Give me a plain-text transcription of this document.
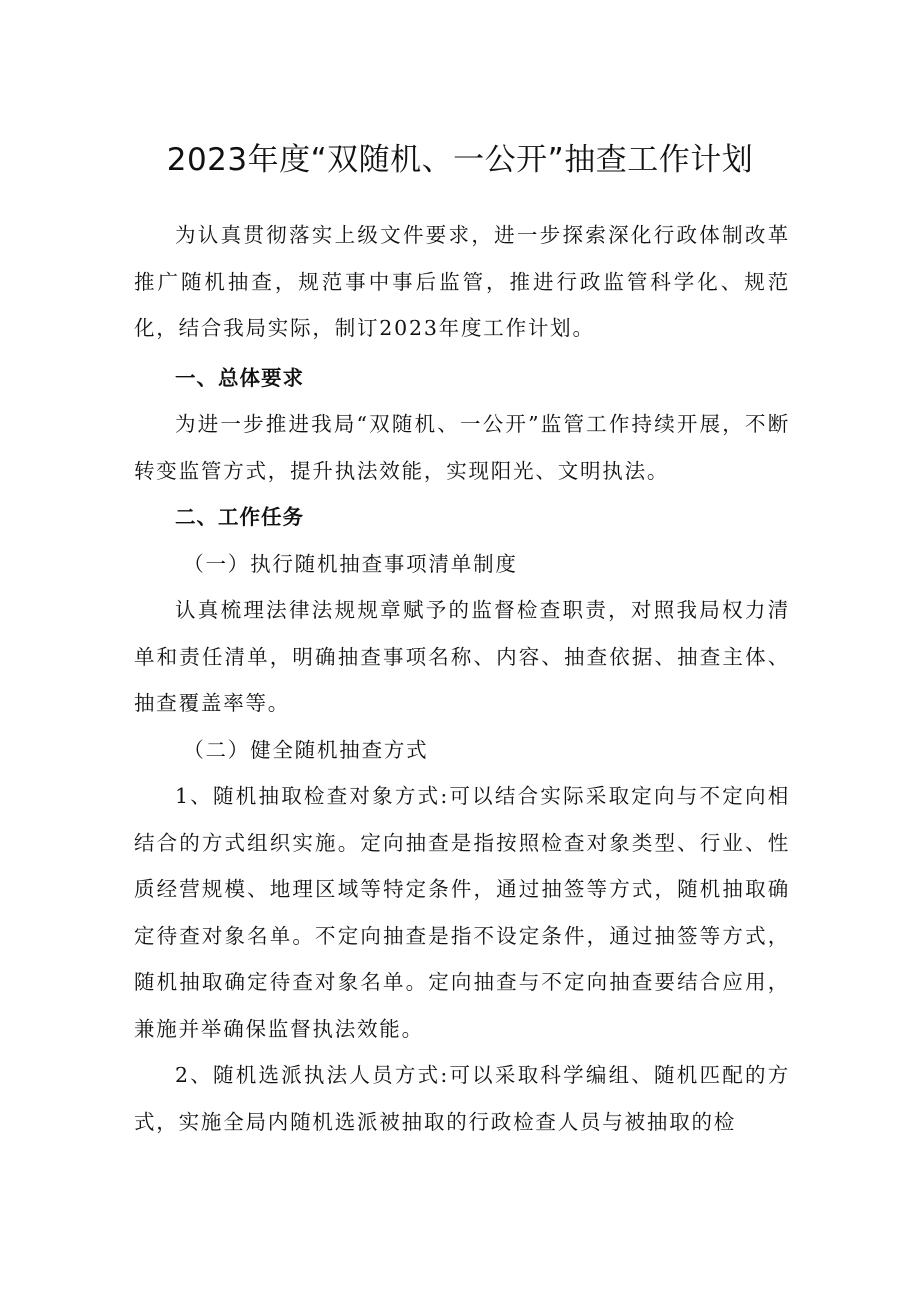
2023年度“双随机、一公开”抽查工作计划

为认真贯彻落实上级文件要求，进一步探索深化行政体制改革推广随机抽查，规范事中事后监管，推进行政监管科学化、规范化，结合我局实际，制订2023年度工作计划。

一、总体要求

为进一步推进我局“双随机、一公开”监管工作持续开展，不断转变监管方式，提升执法效能，实现阳光、文明执法。

二、工作任务

（一）执行随机抽查事项清单制度

认真梳理法律法规规章赋予的监督检查职责，对照我局权力清单和责任清单，明确抽查事项名称、内容、抽查依据、抽查主体、抽查覆盖率等。

（二）健全随机抽查方式

1、随机抽取检查对象方式:可以结合实际采取定向与不定向相结合的方式组织实施。定向抽查是指按照检查对象类型、行业、性质经营规模、地理区域等特定条件，通过抽签等方式，随机抽取确定待查对象名单。不定向抽查是指不设定条件，通过抽签等方式，随机抽取确定待查对象名单。定向抽查与不定向抽查要结合应用，兼施并举确保监督执法效能。

2、随机选派执法人员方式:可以采取科学编组、随机匹配的方式，实施全局内随机选派被抽取的行政检查人员与被抽取的检
